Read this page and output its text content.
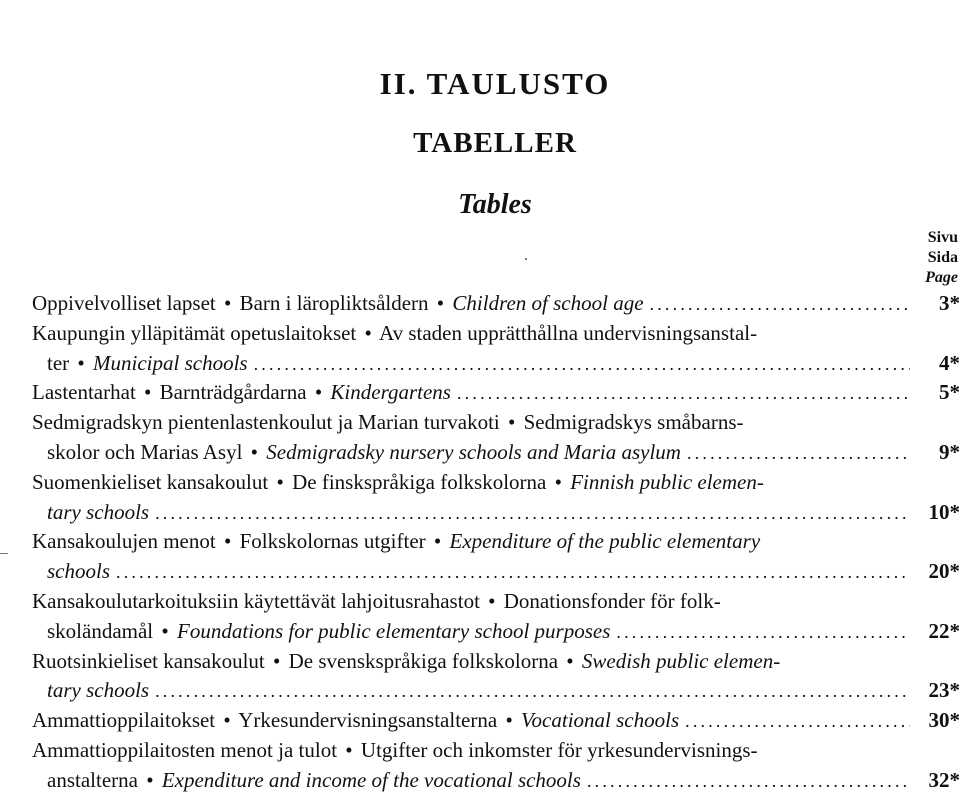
II. TAULUSTO
TABELLER
Tables
Sivu
Sida
Page
Oppivelvolliset lapset • Barn i läropliktsåldern • Children of school age .....	3*
Kaupungin ylläpitämät opetuslaitokset • Av staden upprätthållna undervisningsanstal-
ter • Municipal schools .....	4*
Lastentarhat • Barnträdgårdarna • Kindergartens .....	5*
Sedmigradskyn pientenlastenkoulut ja Marian turvakoti • Sedmigradskys småbarns-
skolor och Marias Asyl • Sedmigradsky nursery schools and Maria asylum .....	9*
Suomenkieliset kansakoulut • De finskspråkiga folkskolorna • Finnish public elemen-
tary schools .....	10*
Kansakoulujen menot • Folkskolornas utgifter • Expenditure of the public elementary
schools .....	20*
Kansakoulutarkoituksiin käytettävät lahjoitusrahastot • Donationsfonder för folk-
skoländamål • Foundations for public elementary school purposes .....	22*
Ruotsinkieliset kansakoulut • De svenskspråkiga folkskolorna • Swedish public elemen-
tary schools .....	23*
Ammattioppilaitokset • Yrkesundervisningsanstalterna • Vocational schools .....	30*
Ammattioppilaitosten menot ja tulot • Utgifter och inkomster för yrkesundervisnings-
anstalterna • Expenditure and income of the vocational schools .....	32*
